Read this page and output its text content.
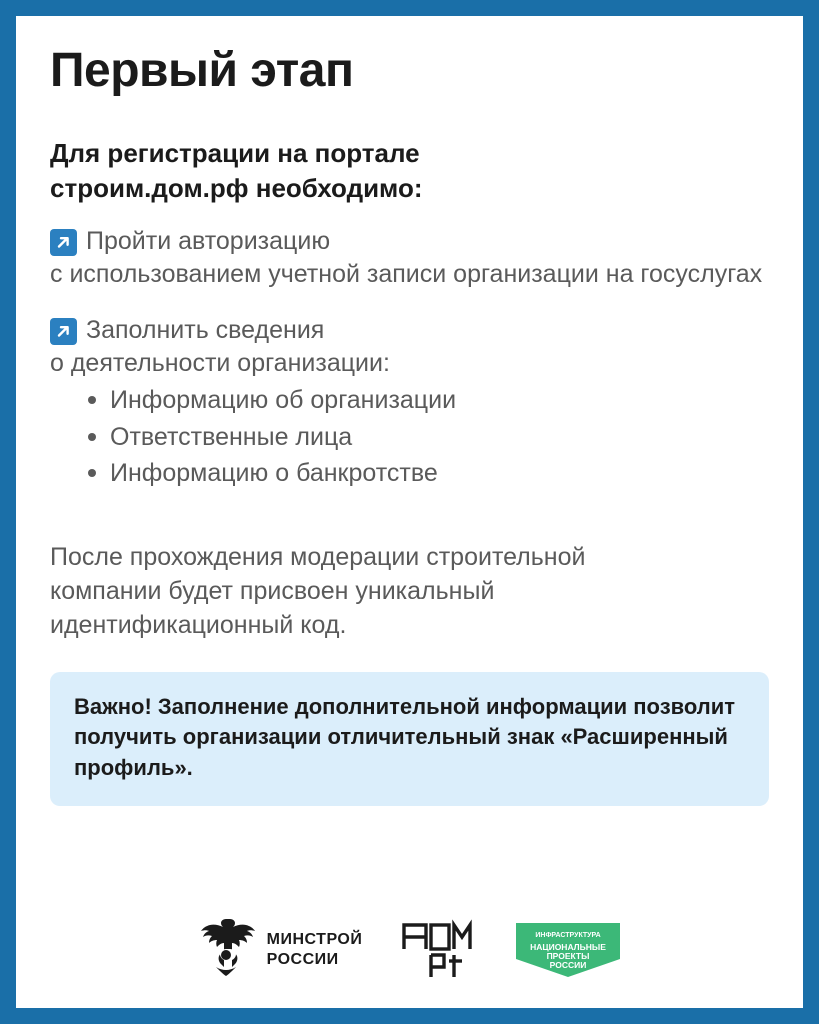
Первый этап
Для регистрации на портале строим.дом.рф необходимо:
Пройти авторизацию
с использованием учетной записи организации на госуслугах
Заполнить сведения
о деятельности организации:
Информацию об организации
Ответственные лица
Информацию о банкротстве

После прохождения модерации строительной компании будет присвоен уникальный идентификационный код.

Важно! Заполнение дополнительной информации позволит получить организации отличительный знак «Расширенный профиль».
МИНСТРОЙ
РОССИИ
ИНФРАСТРУКТУРА
НАЦИОНАЛЬНЫЕ
ПРОЕКТЫ
РОССИИ
